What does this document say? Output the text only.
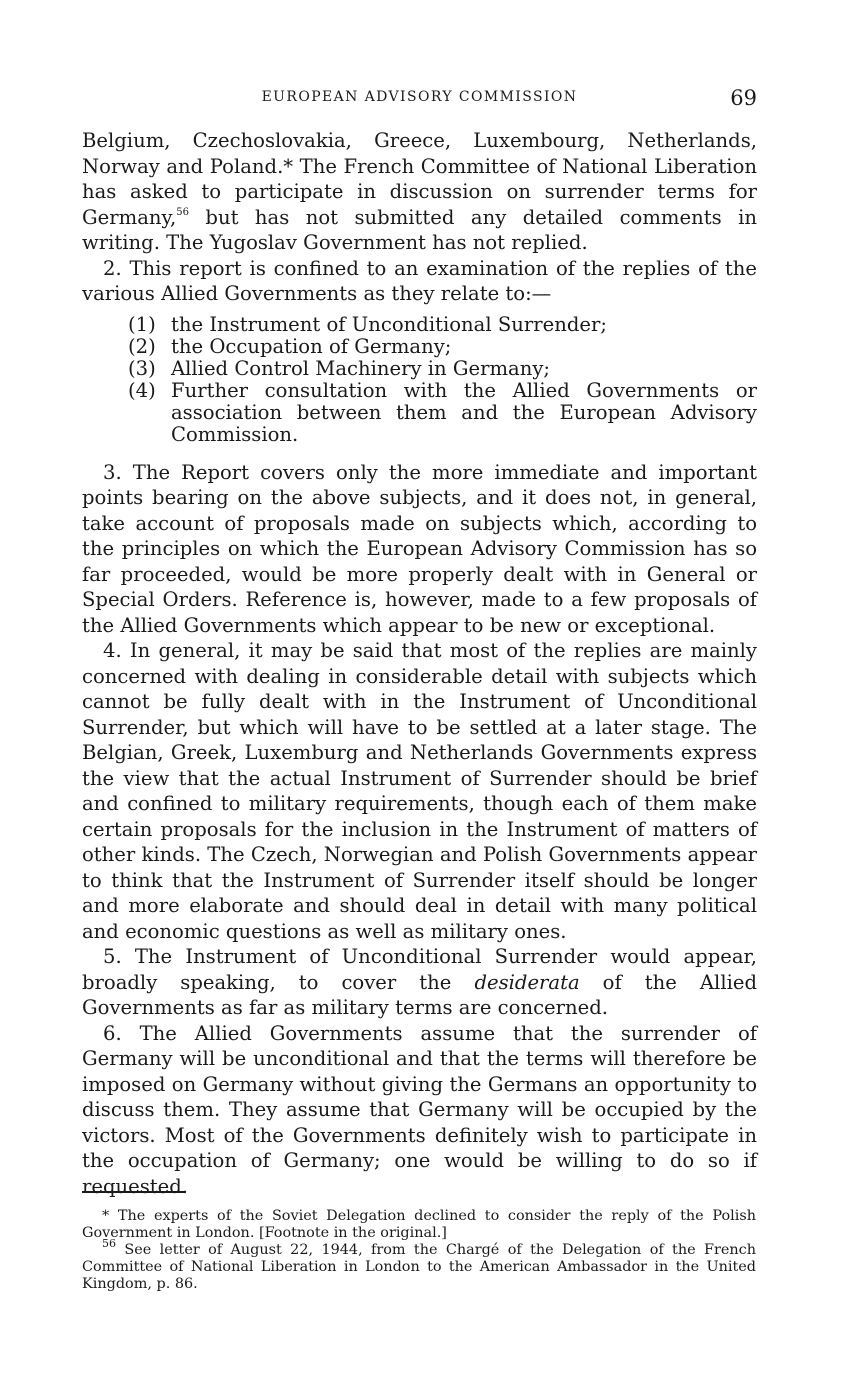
EUROPEAN ADVISORY COMMISSION	69

Belgium, Czechoslovakia, Greece, Luxembourg, Netherlands, Norway and Poland.* The French Committee of National Liberation has asked to participate in discussion on surrender terms for Germany,$^{56}$ but has not submitted any detailed comments in writing. The Yugoslav Government has not replied.

2. This report is confined to an examination of the replies of the various Allied Governments as they relate to:—

(1) the Instrument of Unconditional Surrender;
(2) the Occupation of Germany;
(3) Allied Control Machinery in Germany;
(4) Further consultation with the Allied Governments or association between them and the European Advisory Commission.

3. The Report covers only the more immediate and important points bearing on the above subjects, and it does not, in general, take account of proposals made on subjects which, according to the principles on which the European Advisory Commission has so far proceeded, would be more properly dealt with in General or Special Orders. Reference is, however, made to a few proposals of the Allied Governments which appear to be new or exceptional.

4. In general, it may be said that most of the replies are mainly concerned with dealing in considerable detail with subjects which cannot be fully dealt with in the Instrument of Unconditional Surrender, but which will have to be settled at a later stage. The Belgian, Greek, Luxemburg and Netherlands Governments express the view that the actual Instrument of Surrender should be brief and confined to military requirements, though each of them make certain proposals for the inclusion in the Instrument of matters of other kinds. The Czech, Norwegian and Polish Governments appear to think that the Instrument of Surrender itself should be longer and more elaborate and should deal in detail with many political and economic questions as well as military ones.

5. The Instrument of Unconditional Surrender would appear, broadly speaking, to cover the desiderata of the Allied Governments as far as military terms are concerned.

6. The Allied Governments assume that the surrender of Germany will be unconditional and that the terms will therefore be imposed on Germany without giving the Germans an opportunity to discuss them. They assume that Germany will be occupied by the victors. Most of the Governments definitely wish to participate in the occupation of Germany; one would be willing to do so if requested.

* The experts of the Soviet Delegation declined to consider the reply of the Polish Government in London. [Footnote in the original.]

$^{56}$ See letter of August 22, 1944, from the Chargé of the Delegation of the French Committee of National Liberation in London to the American Ambassador in the United Kingdom, p. 86.
